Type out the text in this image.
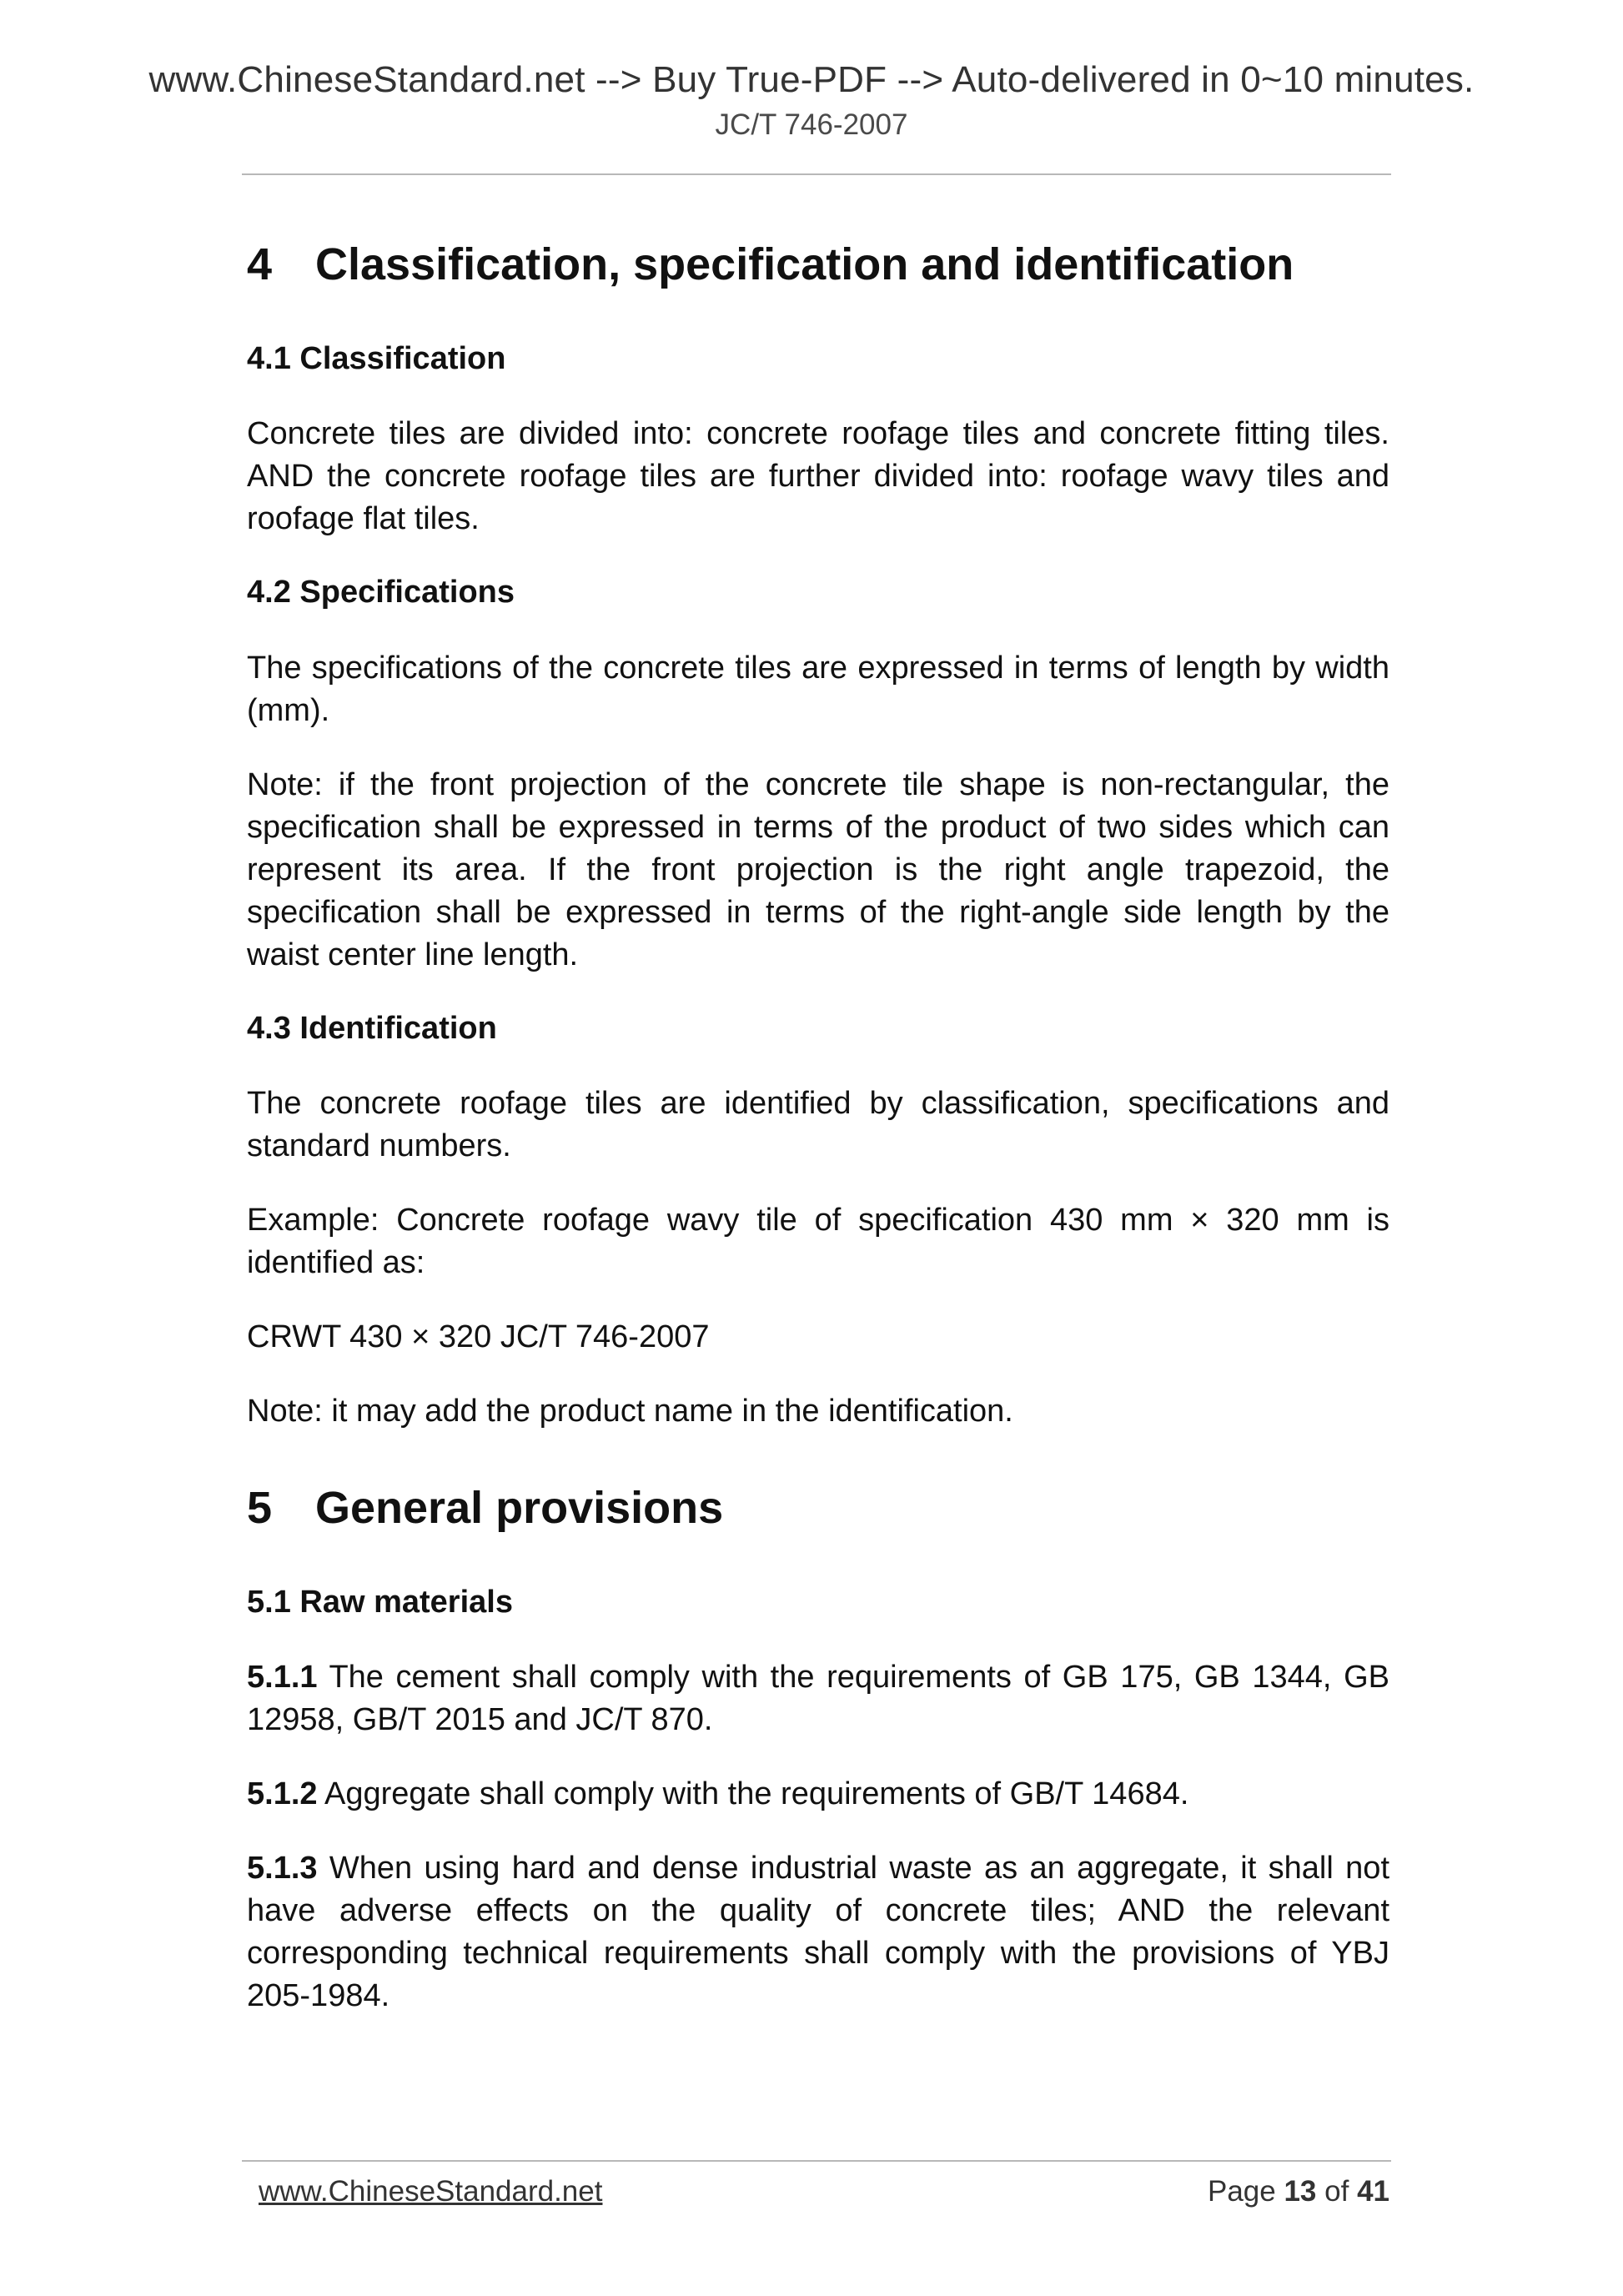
www.ChineseStandard.net --> Buy True-PDF --> Auto-delivered in 0~10 minutes.
JC/T 746-2007
4 Classification, specification and identification
4.1 Classification

Concrete tiles are divided into: concrete roofage tiles and concrete fitting tiles. AND the concrete roofage tiles are further divided into: roofage wavy tiles and roofage flat tiles.

4.2 Specifications

The specifications of the concrete tiles are expressed in terms of length by width (mm).

Note: if the front projection of the concrete tile shape is non-rectangular, the specification shall be expressed in terms of the product of two sides which can represent its area. If the front projection is the right angle trapezoid, the specification shall be expressed in terms of the right-angle side length by the waist center line length.

4.3 Identification

The concrete roofage tiles are identified by classification, specifications and standard numbers.

Example: Concrete roofage wavy tile of specification 430 mm × 320 mm is identified as:

CRWT 430 × 320 JC/T 746-2007

Note: it may add the product name in the identification.

5 General provisions
5.1 Raw materials

5.1.1 The cement shall comply with the requirements of GB 175, GB 1344, GB 12958, GB/T 2015 and JC/T 870.

5.1.2 Aggregate shall comply with the requirements of GB/T 14684.

5.1.3 When using hard and dense industrial waste as an aggregate, it shall not have adverse effects on the quality of concrete tiles; AND the relevant corresponding technical requirements shall comply with the provisions of YBJ 205-1984.

www.ChineseStandard.net	Page 13 of 41
